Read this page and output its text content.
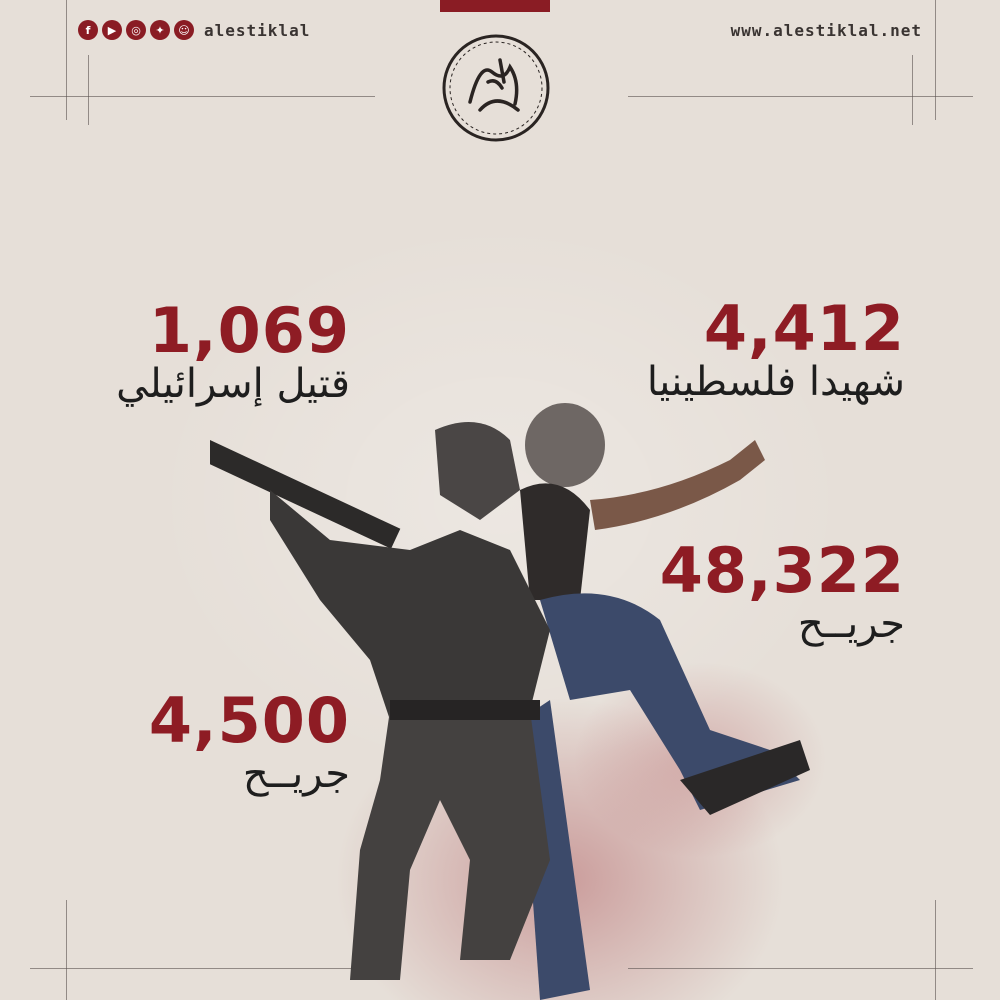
f	▶	◎	✦	☺ alestiklal	www.alestiklal.net
4,412
شهيدا فلسطينيا
48,322
جريــح
1,069
قتيل إسرائيلي
4,500
جريــح
